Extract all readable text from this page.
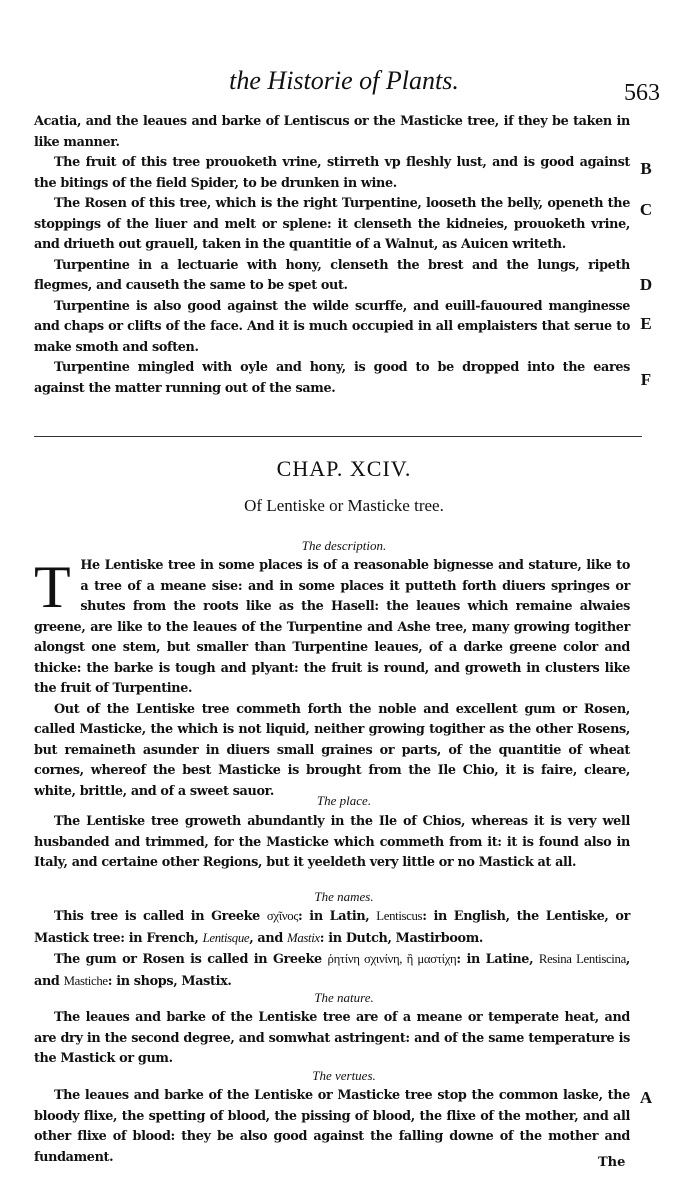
the Historie of Plants.	563

Acatia, and the leaues and barke of Lentiscus or the Masticke tree, if they be taken in like manner.

The fruit of this tree prouoketh vrine, stirreth vp fleshly lust, and is good against the bitings of the field Spider, to be drunken in wine.

The Rosen of this tree, which is the right Turpentine, looseth the belly, openeth the stoppings of the liuer and melt or splene: it clenseth the kidneies, prouoketh vrine, and driueth out grauell, taken in the quantitie of a Walnut, as Auicen writeth.

Turpentine in a lectuarie with hony, clenseth the brest and the lungs, ripeth flegmes, and causeth the same to be spet out.

Turpentine is also good against the wilde scurffe, and euill-fauoured manginesse and chaps or clifts of the face. And it is much occupied in all emplaisters that serue to make smoth and soften.

Turpentine mingled with oyle and hony, is good to be dropped into the eares against the matter running out of the same.

B
C
D
E
F
CHAP. XCIV.
Of Lentiske or Masticke tree.
The description.

T He Lentiske tree in some places is of a reasonable bignesse and stature, like to a tree of a meane sise: and in some places it putteth forth diuers springes or shutes from the roots like as the Hasell: the leaues which remaine alwaies greene, are like to the leaues of the Turpentine and Ashe tree, many growing togither alongst one stem, but smaller than Turpentine leaues, of a darke greene color and thicke: the barke is tough and plyant: the fruit is round, and groweth in clusters like the fruit of Turpentine.

Out of the Lentiske tree commeth forth the noble and excellent gum or Rosen, called Masticke, the which is not liquid, neither growing togither as the other Rosens, but remaineth asunder in diuers small graines or parts, of the quantitie of wheat cornes, whereof the best Masticke is brought from the Ile Chio, it is faire, cleare, white, brittle, and of a sweet sauor.

The place.

The Lentiske tree groweth abundantly in the Ile of Chios, whereas it is very well husbanded and trimmed, for the Masticke which commeth from it: it is found also in Italy, and certaine other Regions, but it yeeldeth very little or no Mastick at all.

The names.

This tree is called in Greeke σχῖνος: in Latin, Lentiscus: in English, the Lentiske, or Mastick tree: in French, Lentisque, and Mastix: in Dutch, Mastirboom.

The gum or Rosen is called in Greeke ῥητίνη σχινίνη, ἢ μαστίχη: in Latine, Resina Lentiscina, and Mastiche: in shops, Mastix.

The nature.

The leaues and barke of the Lentiske tree are of a meane or temperate heat, and are dry in the second degree, and somwhat astringent: and of the same temperature is the Mastick or gum.

The vertues.

The leaues and barke of the Lentiske or Masticke tree stop the common laske, the bloody flixe, the spetting of blood, the pissing of blood, the flixe of the mother, and all other flixe of blood: they be also good against the falling downe of the mother and fundament.

A
The
